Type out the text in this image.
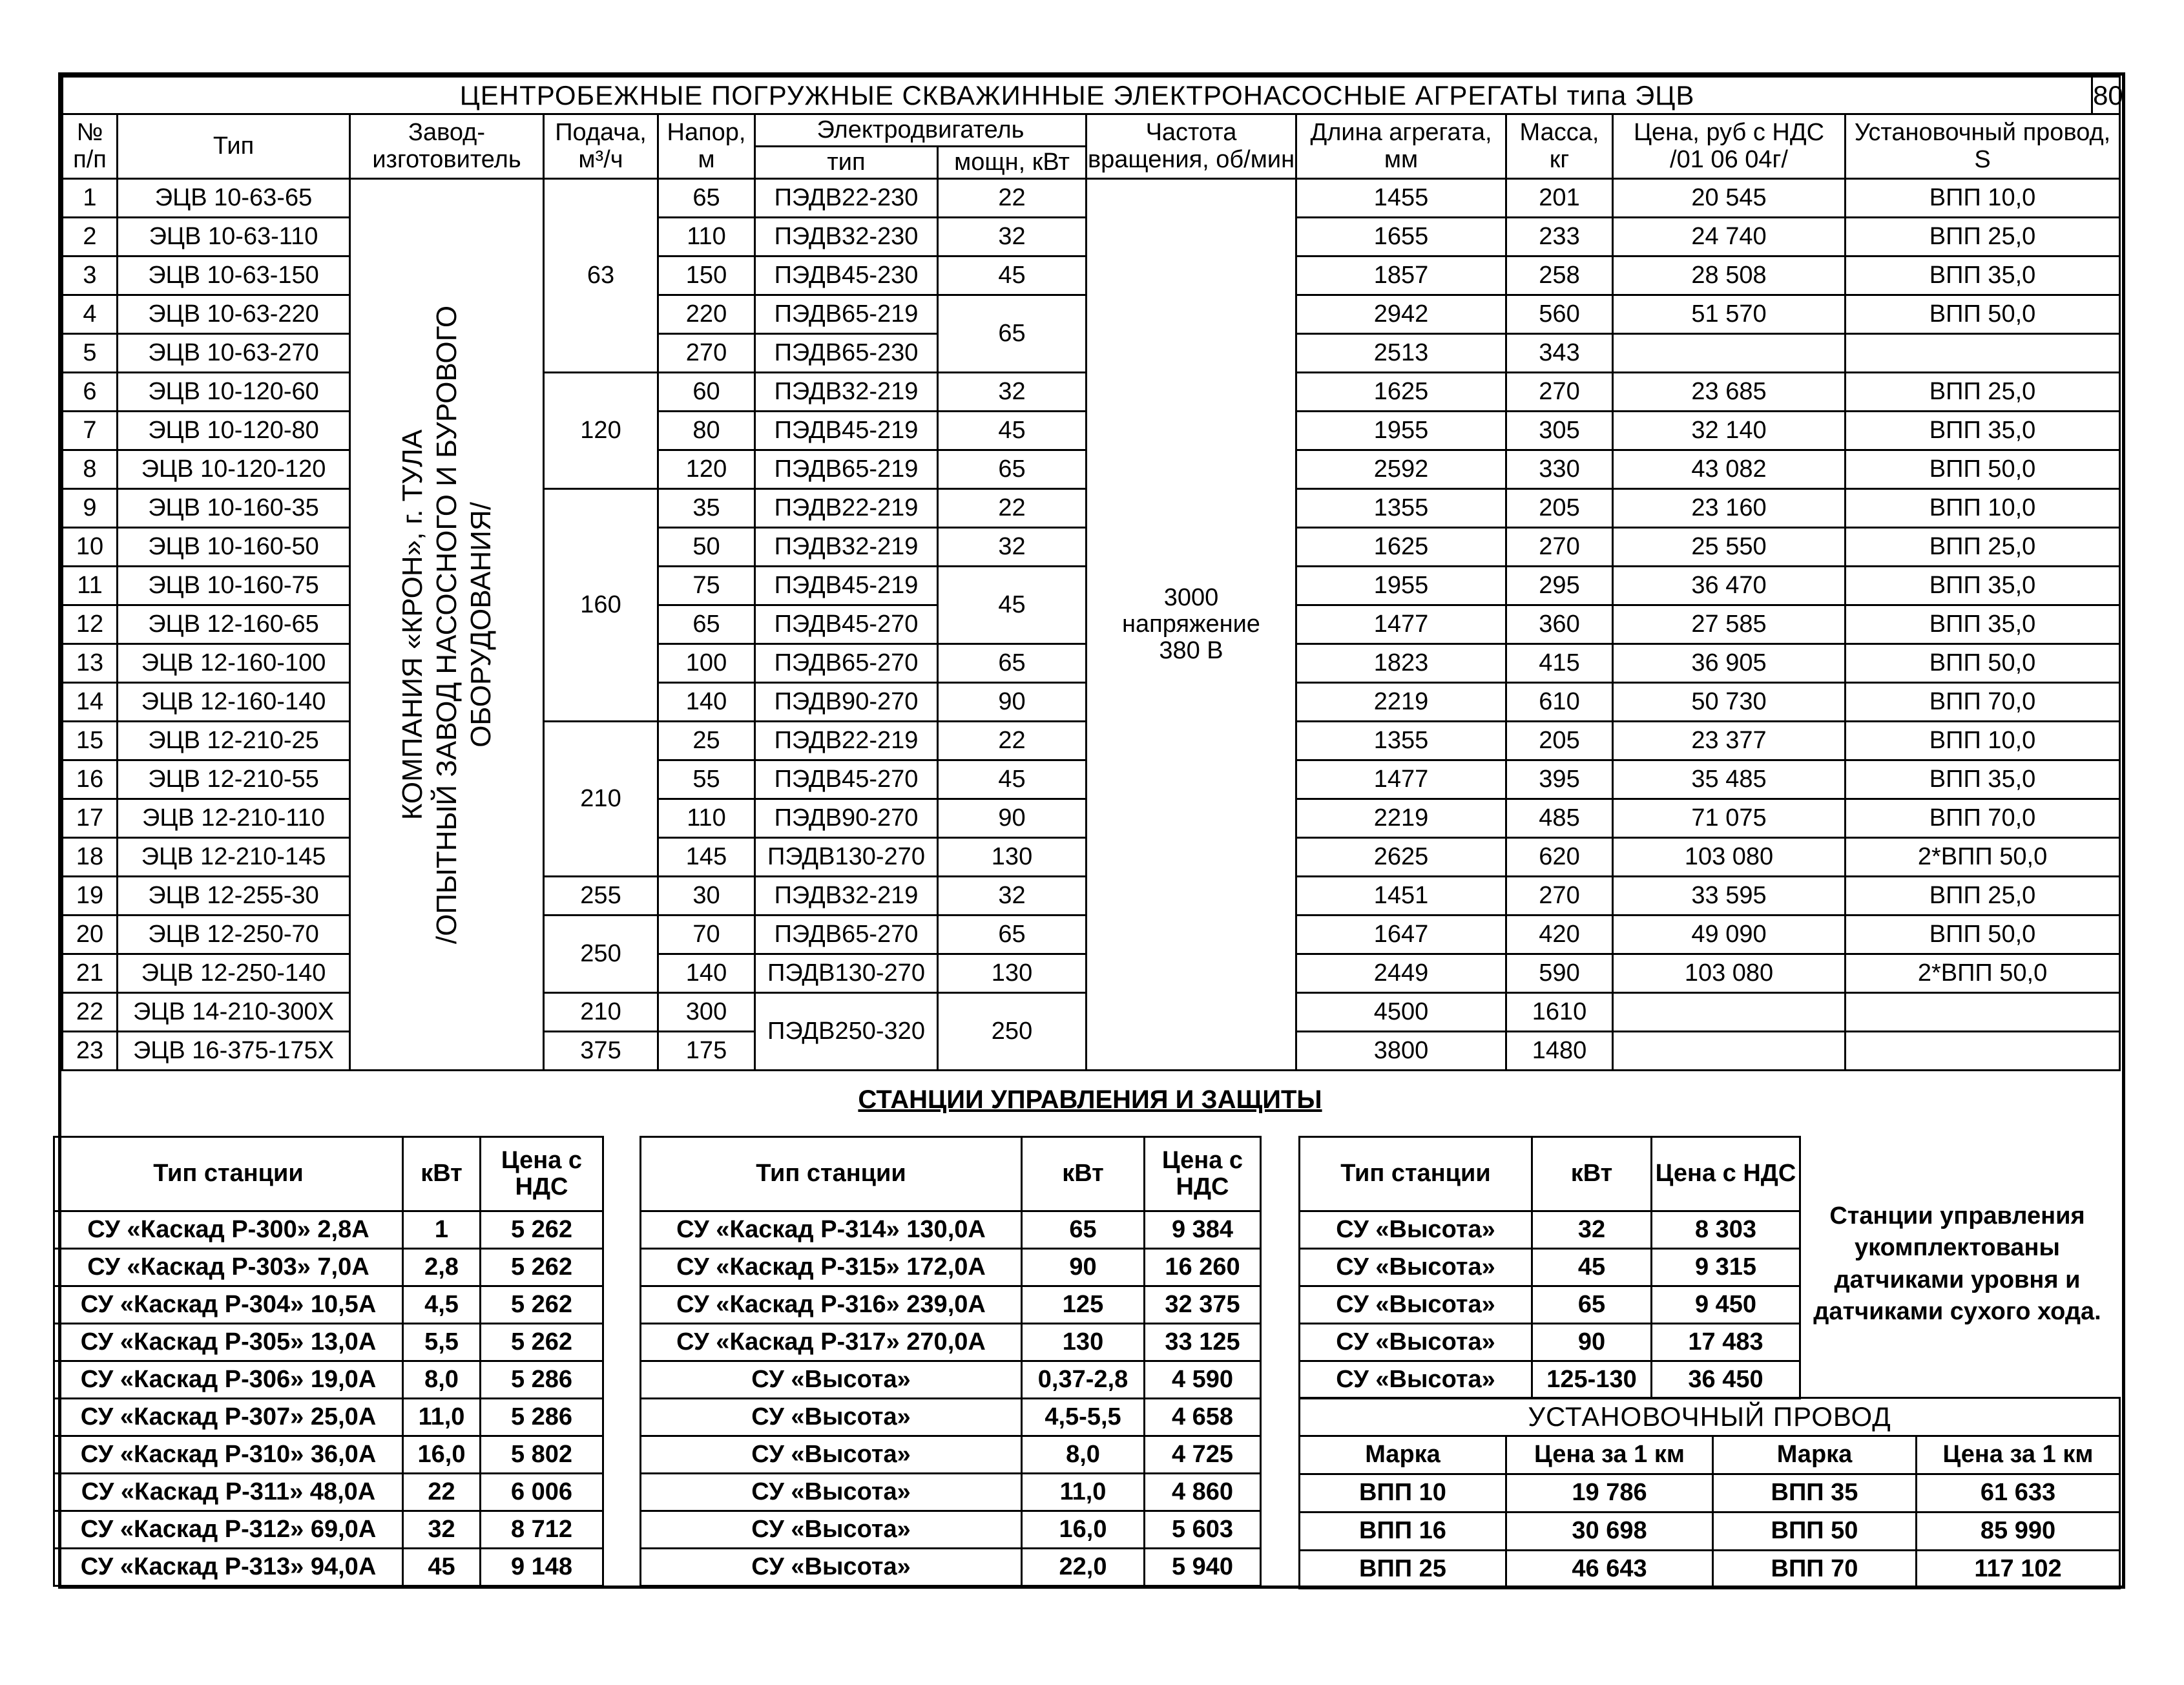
ЦЕНТРОБЕЖНЫЕ ПОГРУЖНЫЕ СКВАЖИННЫЕ ЭЛЕКТРОНАСОСНЫЕ АГРЕГАТЫ типа ЭЦВ												80
№ п/п	Тип	Завод-изготовитель	Подача, м³/ч	Напор, м	Электродвигатель		Частота вращения, об/мин	Длина агрегата, мм	Масса, кг	Цена, руб с НДС /01 06 04г/	Установочный провод, S	
					тип	мощн, кВт						
1	ЭЦВ 10-63-65	КОМПАНИЯ «КРОН», г. ТУЛА /ОПЫТНЫЙ ЗАВОД НАСОСНОГО И БУРОВОГО ОБОРУДОВАНИЯ/	63	65	ПЭДВ22-230	22	3000 напряжение 380 В	1455	201	20 545	ВПП 10,0	
2	ЭЦВ 10-63-110			110	ПЭДВ32-230	32		1655	233	24 740	ВПП 25,0	
3	ЭЦВ 10-63-150			150	ПЭДВ45-230	45		1857	258	28 508	ВПП 35,0	
4	ЭЦВ 10-63-220			220	ПЭДВ65-219	65		2942	560	51 570	ВПП 50,0	
5	ЭЦВ 10-63-270			270	ПЭДВ65-230			2513	343			
6	ЭЦВ 10-120-60		120	60	ПЭДВ32-219	32		1625	270	23 685	ВПП 25,0	
7	ЭЦВ 10-120-80			80	ПЭДВ45-219	45		1955	305	32 140	ВПП 35,0	
8	ЭЦВ 10-120-120			120	ПЭДВ65-219	65		2592	330	43 082	ВПП 50,0	
9	ЭЦВ 10-160-35		160	35	ПЭДВ22-219	22		1355	205	23 160	ВПП 10,0	
10	ЭЦВ 10-160-50			50	ПЭДВ32-219	32		1625	270	25 550	ВПП 25,0	
11	ЭЦВ 10-160-75			75	ПЭДВ45-219	45		1955	295	36 470	ВПП 35,0	
12	ЭЦВ 12-160-65			65	ПЭДВ45-270			1477	360	27 585	ВПП 35,0	
13	ЭЦВ 12-160-100			100	ПЭДВ65-270	65		1823	415	36 905	ВПП 50,0	
14	ЭЦВ 12-160-140			140	ПЭДВ90-270	90		2219	610	50 730	ВПП 70,0	
15	ЭЦВ 12-210-25		210	25	ПЭДВ22-219	22		1355	205	23 377	ВПП 10,0	
16	ЭЦВ 12-210-55			55	ПЭДВ45-270	45		1477	395	35 485	ВПП 35,0	
17	ЭЦВ 12-210-110			110	ПЭДВ90-270	90		2219	485	71 075	ВПП 70,0	
18	ЭЦВ 12-210-145			145	ПЭДВ130-270	130		2625	620	103 080	2*ВПП 50,0	
19	ЭЦВ 12-255-30		255	30	ПЭДВ32-219	32		1451	270	33 595	ВПП 25,0	
20	ЭЦВ 12-250-70		250	70	ПЭДВ65-270	65		1647	420	49 090	ВПП 50,0	
21	ЭЦВ 12-250-140			140	ПЭДВ130-270	130		2449	590	103 080	2*ВПП 50,0	
22	ЭЦВ 14-210-300Х		210	300	ПЭДВ250-320	250		4500	1610			
23	ЭЦВ 16-375-175Х		375	175				3800	1480			
СТАНЦИИ УПРАВЛЕНИЯ И ЗАЩИТЫ
Тип станции	кВт	Цена с НДС
СУ «Каскад Р-300» 2,8А	1	5 262
СУ «Каскад Р-303» 7,0А	2,8	5 262
СУ «Каскад Р-304» 10,5А	4,5	5 262
СУ «Каскад Р-305» 13,0А	5,5	5 262
СУ «Каскад Р-306» 19,0А	8,0	5 286
СУ «Каскад Р-307» 25,0А	11,0	5 286
СУ «Каскад Р-310» 36,0А	16,0	5 802
СУ «Каскад Р-311» 48,0А	22	6 006
СУ «Каскад Р-312» 69,0А	32	8 712
СУ «Каскад Р-313» 94,0А	45	9 148
Тип станции	кВт	Цена с НДС
СУ «Каскад Р-314» 130,0А	65	9 384
СУ «Каскад Р-315» 172,0А	90	16 260
СУ «Каскад Р-316» 239,0А	125	32 375
СУ «Каскад Р-317» 270,0А	130	33 125
СУ «Высота»	0,37-2,8	4 590
СУ «Высота»	4,5-5,5	4 658
СУ «Высота»	8,0	4 725
СУ «Высота»	11,0	4 860
СУ «Высота»	16,0	5 603
СУ «Высота»	22,0	5 940
Тип станции	кВт	Цена с НДС
СУ «Высота»	32	8 303
СУ «Высота»	45	9 315
СУ «Высота»	65	9 450
СУ «Высота»	90	17 483
СУ «Высота»	125-130	36 450
Станции управления укомплектованы датчиками уровня и датчиками сухого хода.
УСТАНОВОЧНЫЙ ПРОВОД			
Марка	Цена за 1 км	Марка	Цена за 1 км
ВПП 10	19 786	ВПП 35	61 633
ВПП 16	30 698	ВПП 50	85 990
ВПП 25	46 643	ВПП 70	117 102
